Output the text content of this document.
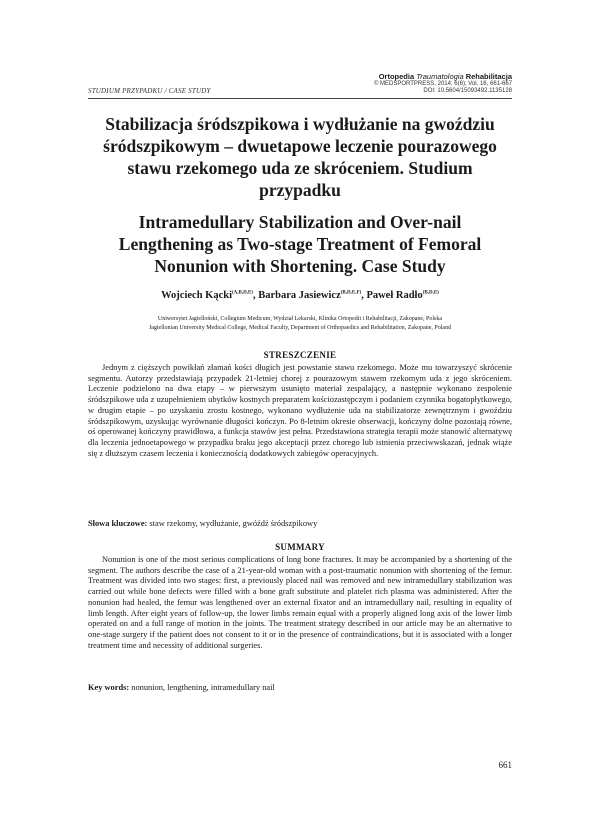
Ortopedia Traumatologia Rehabilitacja
© MEDSPORTPRESS, 2014; 6(6); Vol. 16, 661-667
DOI: 10.5604/15093492.1135128
STUDIUM PRZYPADKU / CASE STUDY
Stabilizacja śródszpikowa i wydłużanie na gwoździu śródszpikowym – dwuetapowe leczenie pourazowego stawu rzekomego uda ze skróceniem. Studium przypadku
Intramedullary Stabilization and Over-nail Lengthening as Two-stage Treatment of Femoral Nonunion with Shortening. Case Study
Wojciech Kącki$^{(A,B,D,E)}$, Barbara Jasiewicz$^{(B,D,E,F)}$, Paweł Radło$^{(B,D,E)}$
Uniwersytet Jagielloński, Collegium Medicum, Wydział Lekarski, Klinika Ortopedii i Rehabilitacji, Zakopane, Polska
Jagiellonian University Medical College, Medical Faculty, Department of Orthopaedics and Rehabilitation, Zakopane, Poland
STRESZCZENIE
Jednym z cięższych powikłań złamań kości długich jest powstanie stawu rzekomego. Może mu towarzyszyć skrócenie segmentu. Autorzy przedstawiają przypadek 21-letniej chorej z pourazowym stawem rzekomym uda z jego skróceniem. Leczenie podzielono na dwa etapy – w pierwszym usunięto materiał zespalający, a następnie wykonano zespolenie śródszpikowe uda z uzupełnieniem ubytków kostnych preparatem kościozastępczym i podaniem czynnika bogatopłytkowego, w drugim etapie – po uzyskaniu zrostu kostnego, wykonano wydłużenie uda na stabilizatorze zewnętrznym i gwoździu śródszpikowym, uzyskując wyrównanie długości kończyn. Po 8-letnim okresie obserwacji, kończyny dolne pozostają równe, oś operowanej kończyny prawidłowa, a funkcja stawów jest pełna. Przedstawiona strategia terapii może stanowić alternatywę dla leczenia jednoetapowego w przypadku braku jego akceptacji przez chorego lub istnienia przeciwwskazań, jednak wiąże się z dłuższym czasem leczenia i koniecznością dodatkowych zabiegów operacyjnych.
Słowa kluczowe: staw rzekomy, wydłużanie, gwóźdź śródszpikowy
SUMMARY
Nonunion is one of the most serious complications of long bone fractures. It may be accompanied by a shortening of the segment. The authors describe the case of a 21-year-old woman with a post-traumatic nonunion with shortening of the femur. Treatment was divided into two stages: first, a previously placed nail was removed and new intramedullary stabilization was carried out while bone defects were filled with a bone graft substitute and platelet rich plasma was administered. After the nonunion had healed, the femur was lengthened over an external fixator and an intramedullary nail, resulting in equality of limb length. After eight years of follow-up, the lower limbs remain equal with a properly aligned long axis of the lower limb operated on and a full range of motion in the joints. The treatment strategy described in our article may be an alternative to one-stage surgery if the patient does not consent to it or in the presence of contraindications, but it is associated with a longer treatment time and necessity of additional surgeries.
Key words: nonunion, lengthening, intramedullary nail
661
